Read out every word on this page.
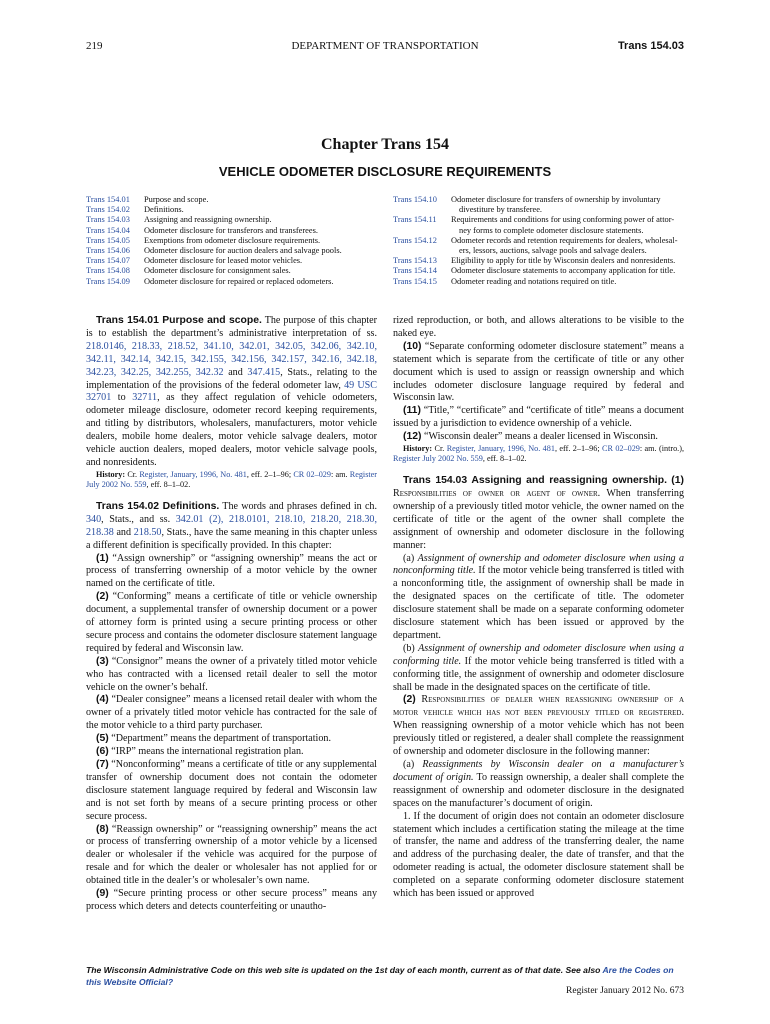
219	DEPARTMENT OF TRANSPORTATION	Trans 154.03
Chapter Trans 154
VEHICLE ODOMETER DISCLOSURE REQUIREMENTS
Trans 154.01	Purpose and scope.
Trans 154.02	Definitions.
Trans 154.03	Assigning and reassigning ownership.
Trans 154.04	Odometer disclosure for transferors and transferees.
Trans 154.05	Exemptions from odometer disclosure requirements.
Trans 154.06	Odometer disclosure for auction dealers and salvage pools.
Trans 154.07	Odometer disclosure for leased motor vehicles.
Trans 154.08	Odometer disclosure for consignment sales.
Trans 154.09	Odometer disclosure for repaired or replaced odometers.
Trans 154.10	Odometer disclosure for transfers of ownership by involuntary
divestiture by transferee.
Trans 154.11	Requirements and conditions for using conforming power of attor-
ney forms to complete odometer disclosure statements.
Trans 154.12	Odometer records and retention requirements for dealers, wholesal-
ers, lessors, auctions, salvage pools and salvage dealers.
Trans 154.13	Eligibility to apply for title by Wisconsin dealers and nonresidents.
Trans 154.14	Odometer disclosure statements to accompany application for title.
Trans 154.15	Odometer reading and notations required on title.

Trans 154.01 Purpose and scope. The purpose of this chapter is to establish the department’s administrative interpretation of ss. 218.0146, 218.33, 218.52, 341.10, 342.01, 342.05, 342.06, 342.10, 342.11, 342.14, 342.15, 342.155, 342.156, 342.157, 342.16, 342.18, 342.23, 342.25, 342.255, 342.32 and 347.415, Stats., relating to the implementation of the provisions of the federal odometer law, 49 USC 32701 to 32711, as they affect regulation of vehicle odometers, odometer mileage disclosure, odometer record keeping requirements, and titling by distributors, wholesalers, manufacturers, motor vehicle dealers, mobile home dealers, motor vehicle salvage dealers, motor vehicle auction dealers, moped dealers, motor vehicle salvage pools, and nonresidents.

History: Cr. Register, January, 1996, No. 481, eff. 2–1–96; CR 02–029: am. Register July 2002 No. 559, eff. 8–1–02.

Trans 154.02 Definitions. The words and phrases defined in ch. 340, Stats., and ss. 342.01 (2), 218.0101, 218.10, 218.20, 218.30, 218.38 and 218.50, Stats., have the same meaning in this chapter unless a different definition is specifically provided. In this chapter:

(1) “Assign ownership” or “assigning ownership” means the act or process of transferring ownership of a motor vehicle by the owner named on the certificate of title.

(2) “Conforming” means a certificate of title or vehicle ownership document, a supplemental transfer of ownership document or a power of attorney form is printed using a secure printing process or other secure process and contains the odometer disclosure statement language required by federal and Wisconsin law.

(3) “Consignor” means the owner of a privately titled motor vehicle who has contracted with a licensed retail dealer to sell the motor vehicle on the owner’s behalf.

(4) “Dealer consignee” means a licensed retail dealer with whom the owner of a privately titled motor vehicle has contracted for the sale of the motor vehicle to a third party purchaser.

(5) “Department” means the department of transportation.

(6) “IRP” means the international registration plan.

(7) “Nonconforming” means a certificate of title or any supplemental transfer of ownership document does not contain the odometer disclosure statement language required by federal and Wisconsin law and is not set forth by means of a secure printing process or other secure process.

(8) “Reassign ownership” or “reassigning ownership” means the act or process of transferring ownership of a motor vehicle by a licensed dealer or wholesaler if the vehicle was acquired for the purpose of resale and for which the dealer or wholesaler has not applied for or obtained title in the dealer’s or wholesaler’s own name.

(9) “Secure printing process or other secure process” means any process which deters and detects counterfeiting or unautho-

rized reproduction, or both, and allows alterations to be visible to the naked eye.

(10) “Separate conforming odometer disclosure statement” means a statement which is separate from the certificate of title or any other document which is used to assign or reassign ownership and which includes odometer disclosure language required by federal and Wisconsin law.

(11) “Title,” “certificate” and “certificate of title” means a document issued by a jurisdiction to evidence ownership of a vehicle.

(12) “Wisconsin dealer” means a dealer licensed in Wisconsin.

History: Cr. Register, January, 1996, No. 481, eff. 2–1–96; CR 02–029: am. (intro.), Register July 2002 No. 559, eff. 8–1–02.

Trans 154.03 Assigning and reassigning ownership. (1) Responsibilities of owner or agent of owner. When transferring ownership of a previously titled motor vehicle, the owner named on the certificate of title or the agent of the owner shall complete the assignment of ownership and odometer disclosure in the following manner:

(a) Assignment of ownership and odometer disclosure when using a nonconforming title. If the motor vehicle being transferred is titled with a nonconforming title, the assignment of ownership shall be made in the designated spaces on the certificate of title. The odometer disclosure statement shall be made on a separate conforming odometer disclosure statement which has been issued or approved by the department.

(b) Assignment of ownership and odometer disclosure when using a conforming title. If the motor vehicle being transferred is titled with a conforming title, the assignment of ownership and odometer disclosure shall be made in the designated spaces on the certificate of title.

(2) Responsibilities of dealer when reassigning ownership of a motor vehicle which has not been previously titled or registered. When reassigning ownership of a motor vehicle which has not been previously titled or registered, a dealer shall complete the reassignment of ownership and odometer disclosure in the following manner:

(a) Reassignments by Wisconsin dealer on a manufacturer’s document of origin. To reassign ownership, a dealer shall complete the reassignment of ownership and odometer disclosure in the designated spaces on the manufacturer’s document of origin.

1. If the document of origin does not contain an odometer disclosure statement which includes a certification stating the mileage at the time of transfer, the name and address of the transferring dealer, the name and address of the purchasing dealer, the date of transfer, and that the odometer reading is actual, the odometer disclosure statement shall be completed on a separate conforming odometer disclosure statement which has been issued or approved

The Wisconsin Administrative Code on this web site is updated on the 1st day of each month, current as of that date. See also Are the Codes on this Website Official?
Register January 2012 No. 673
